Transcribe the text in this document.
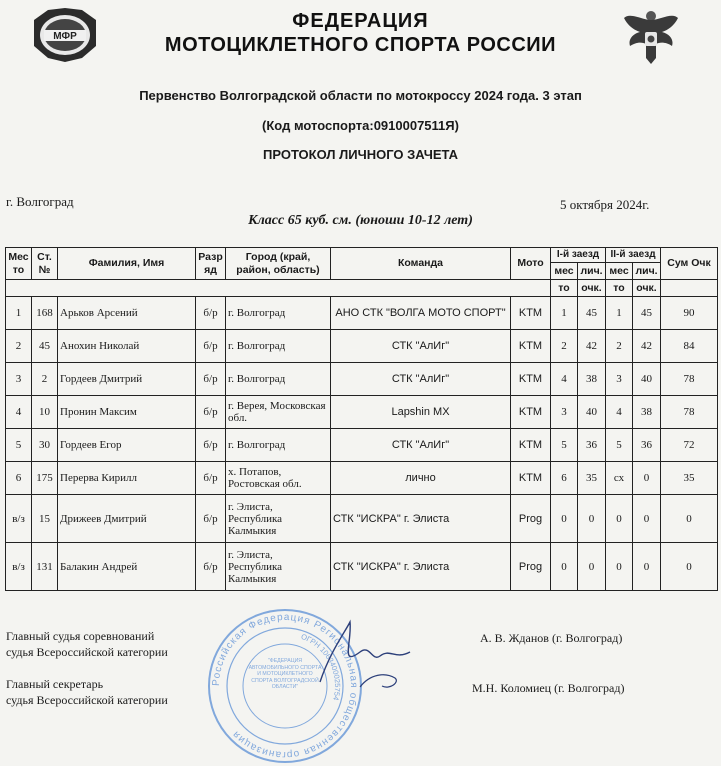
МФР
ФЕДЕРАЦИЯ
МОТОЦИКЛЕТНОГО СПОРТА РОССИИ
Первенство Волгоградской области по мотокроссу 2024 года. 3 этап
(Код мотоспорта:0910007511Я)
ПРОТОКОЛ ЛИЧНОГО ЗАЧЕТА
г. Волгоград	5 октября 2024г.
Класс 65 куб. см. (юноши 10-12 лет)
Мес то	Ст. №	Фамилия, Имя	Разр яд	Город (край, район, область)	Команда	Мото	I-й заезд		II-й заезд		Сум Очк
							мес	лич.	мес	лич.	
							то	очк.	то	очк.	
1	168	Арьков Арсений	б/р	г. Волгоград	АНО СТК "ВОЛГА МОТО СПОРТ"	KTM	1	45	1	45	90
2	45	Анохин Николай	б/р	г. Волгоград	СТК "АлИг"	KTM	2	42	2	42	84
3	2	Гордеев Дмитрий	б/р	г. Волгоград	СТК "АлИг"	KTM	4	38	3	40	78
4	10	Пронин Максим	б/р	г. Верея, Московская обл.	Lapshin MX	KTM	3	40	4	38	78
5	30	Гордеев Егор	б/р	г. Волгоград	СТК "АлИг"	KTM	5	36	5	36	72
6	175	Перерва Кирилл	б/р	х. Потапов, Ростовская обл.	лично	KTM	6	35	сх	0	35
в/з	15	Дрижеев Дмитрий	б/р	г. Элиста, Республика Калмыкия	СТК "ИСКРА" г. Элиста	Prog	0	0	0	0	0
в/з	131	Балакин Андрей	б/р	г. Элиста, Республика Калмыкия	СТК "ИСКРА" г. Элиста	Prog	0	0	0	0	0
Российская Федерация Региональная общественная организация
ОГРН 1063400025754
"ФЕДЕРАЦИЯ АВТОМОБИЛЬНОГО СПОРТА И МОТОЦИКЛЕТНОГО СПОРТА ВОЛГОГРАДСКОЙ ОБЛАСТИ"
Главный судья соревнований
судья Всероссийской категории
А. В. Жданов (г. Волгоград)
Главный секретарь
судья Всероссийской категории
М.Н. Коломиец (г. Волгоград)
